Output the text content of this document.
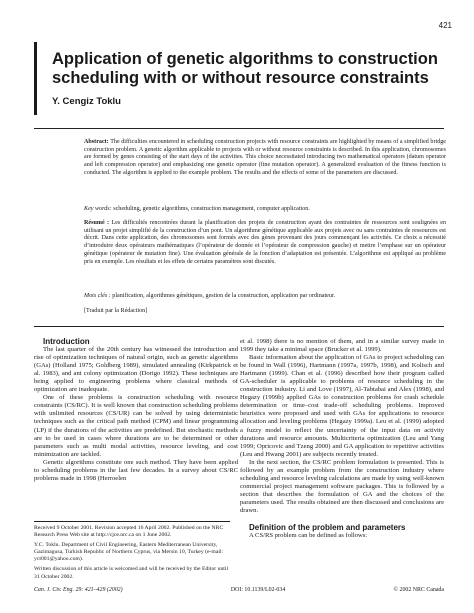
421
Application of genetic algorithms to construction scheduling with or without resource constraints
Y. Cengiz Toklu

Abstract: The difficulties encountered in scheduling construction projects with resource constraints are highlighted by means of a simplified bridge construction problem. A genetic algorithm applicable to projects with or without resource constraints is described. In this application, chromosomes are formed by genes consisting of the start days of the activities. This choice necessitated introducing two mathematical operators (datum operator and left compression operator) and emphasizing one genetic operator (fine mutation operator). A generalized evaluation of the fitness function is conducted. The algorithm is applied to the example problem. The results and the effects of some of the parameters are discussed.

Key words: scheduling, genetic algorithms, construction management, computer application.

Résumé : Les difficultés rencontrées durant la planification des projets de construction ayant des contraintes de ressources sont soulignées en utilisant un projet simplifié de la construction d’un pont. Un algorithme génétique applicable aux projets avec ou sans contraintes de ressources est décrit. Dans cette application, des chromosomes sont formés avec des gènes provenant des jours commençant les activités. Ce choix a nécessité d’introduire deux opérateurs mathématiques (l’opérateur de donnée et l’opérateur de compression gauche) et mettre l’emphase sur un opérateur génétique (opérateur de mutation fine). Une évaluation générale de la fonction d’adaptation est présentée. L’algorithme est appliqué au problème pris en exemple. Les résultats et les effets de certains paramètres sont discutés.

Mots clés : planification, algorithmes génétiques, gestion de la construction, application par ordinateur.

[Traduit par la Rédaction]

Introduction

The last quarter of the 20th century has witnessed the introduction and rise of optimization techniques of natural origin, such as genetic algorithms (GAs) (Holland 1975; Goldberg 1989), simulated annealing (Kirkpatrick et al. 1983), and ant colony optimization (Dorigo 1992). These techniques are being applied to engineering problems where classical methods of optimization are inadequate.

One of these problems is construction scheduling with resource constraints (CS/RC). It is well known that construction scheduling problems with unlimited resources (CS/UR) can be solved by using deterministic techniques such as the critical path method (CPM) and linear programming (LP) if the durations of the activities are predefined. But stochastic methods are to be used in cases where durations are to be determined or other parameters such as multi modal activities, resource leveling, and cost minimization are tackled.

Genetic algorithms constitute one such method. They have been applied to scheduling problems in the last few decades. In a survey about CS/RC problems made in 1998 (Herroelen

et al. 1998) there is no mention of them, and in a similar survey made in 1999 they take a minimal space (Brucker et al. 1999).

Basic information about the application of GAs to project scheduling can be found in Wall (1996), Hartmann (1997a, 1997b, 1998), and Kolisch and Hartmann (1999). Chan et al. (1996) described how their program called GA-scheduler is applicable to problems of resource scheduling in the construction industry. Li and Love (1997), Al-Tabtabai and Alex (1998), and Hegazy (1999b) applied GAs to construction problems for crash schedule determination or time–cost trade-off scheduling problems. Improved heuristics were proposed and used with GAs for applications to resource allocation and leveling problems (Hegazy 1999a). Leu et al. (1999) adopted a fuzzy model to reflect the uncertainty of the input data on activity durations and resource amounts. Multicriteria optimization (Leu and Yang 1999; Opricovic and Tzeng 2000) and GA application to repetitive activities (Leu and Hwang 2001) are subjects recently treated.

In the next section, the CS/RC problem formulation is presented. This is followed by an example problem from the construction industry where scheduling and resource leveling calculations are made by using well-known commercial project management software packages. This is followed by a section that describes the formulation of GA and the choices of the parameters used. The results obtained are then discussed and conclusions are drawn.

Definition of the problem and parameters

A CS/RS problem can be defined as follows:

Received 9 October 2001. Revision accepted 16 April 2002. Published on the NRC Research Press Web site at http://cjce.nrc.ca on 1 June 2002.

Y.C. Toklu. Department of Civil Engineering, Eastern Mediterranean University, Gazimagusa, Turkish Republic of Northern Cyprus, via Mersin 10, Turkey (e-mail: yct001@yahoo.com).

Written discussion of this article is welcomed and will be received by the Editor until 31 October 2002.

Can. J. Civ. Eng. 29: 421–429 (2002)	DOI: 10.1139/L02-034	© 2002 NRC Canada
